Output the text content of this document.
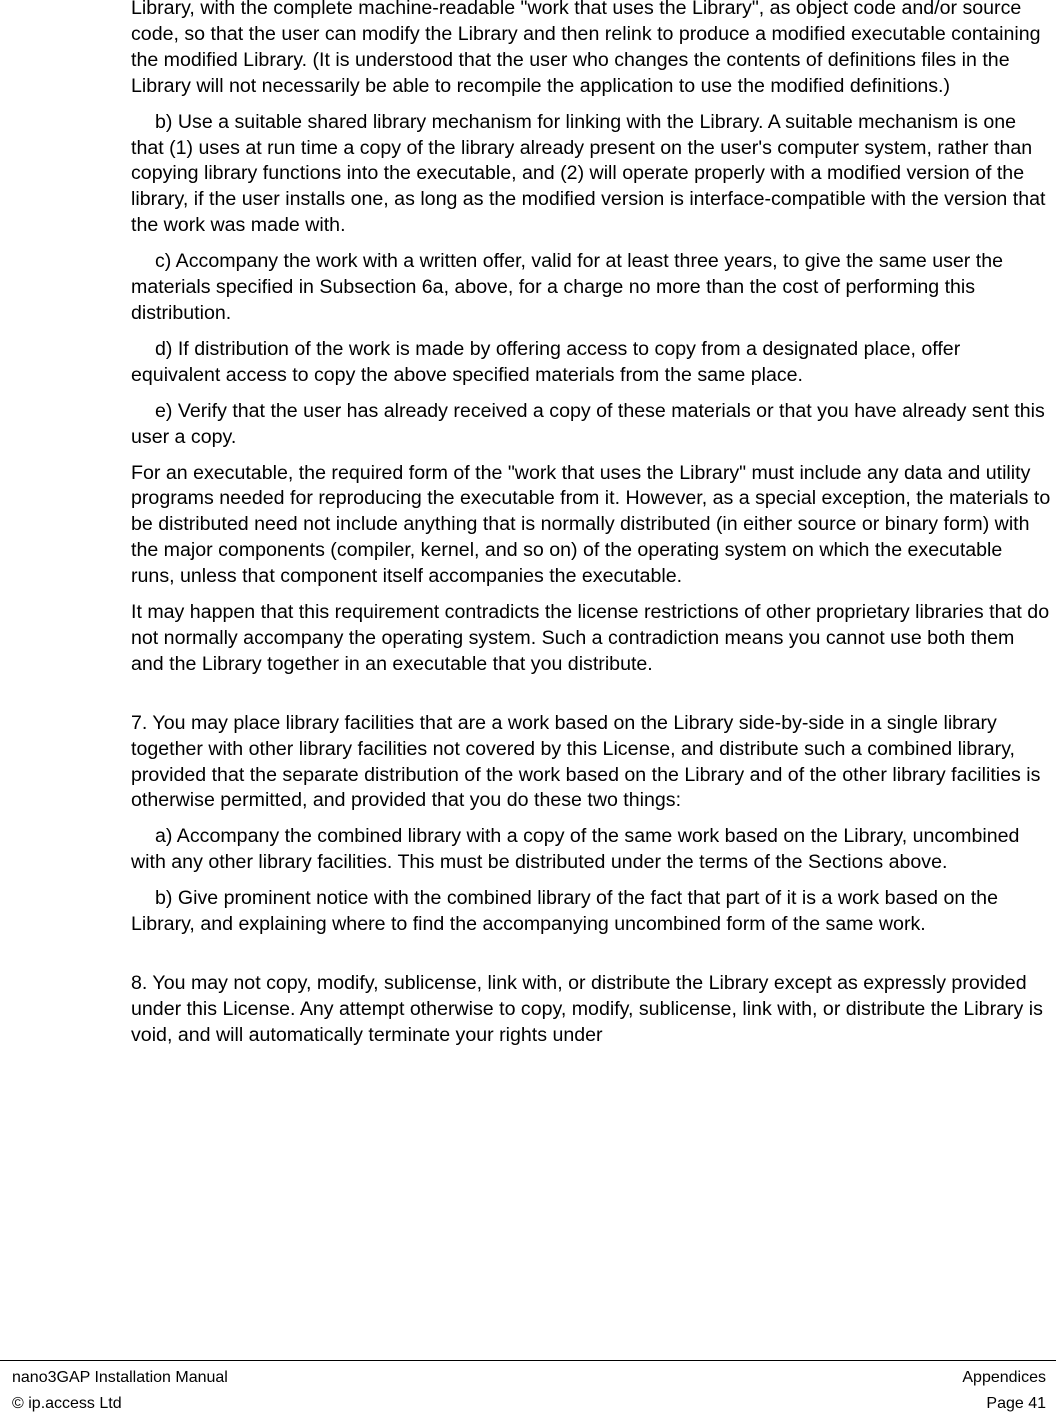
Library, with the complete machine-readable "work that uses the Library", as object code and/or source code, so that the user can modify the Library and then relink to produce a modified executable containing the modified Library. (It is understood that the user who changes the contents of definitions files in the Library will not necessarily be able to recompile the application to use the modified definitions.)

b) Use a suitable shared library mechanism for linking with the Library. A suitable mechanism is one that (1) uses at run time a copy of the library already present on the user's computer system, rather than copying library functions into the executable, and (2) will operate properly with a modified version of the library, if the user installs one, as long as the modified version is interface-compatible with the version that the work was made with.

c) Accompany the work with a written offer, valid for at least three years, to give the same user the materials specified in Subsection 6a, above, for a charge no more than the cost of performing this distribution.

d) If distribution of the work is made by offering access to copy from a designated place, offer equivalent access to copy the above specified materials from the same place.

e) Verify that the user has already received a copy of these materials or that you have already sent this user a copy.

For an executable, the required form of the "work that uses the Library" must include any data and utility programs needed for reproducing the executable from it. However, as a special exception, the materials to be distributed need not include anything that is normally distributed (in either source or binary form) with the major components (compiler, kernel, and so on) of the operating system on which the executable runs, unless that component itself accompanies the executable.

It may happen that this requirement contradicts the license restrictions of other proprietary libraries that do not normally accompany the operating system. Such a contradiction means you cannot use both them and the Library together in an executable that you distribute.

7. You may place library facilities that are a work based on the Library side-by-side in a single library together with other library facilities not covered by this License, and distribute such a combined library, provided that the separate distribution of the work based on the Library and of the other library facilities is otherwise permitted, and provided that you do these two things:

a) Accompany the combined library with a copy of the same work based on the Library, uncombined with any other library facilities. This must be distributed under the terms of the Sections above.

b) Give prominent notice with the combined library of the fact that part of it is a work based on the Library, and explaining where to find the accompanying uncombined form of the same work.

8. You may not copy, modify, sublicense, link with, or distribute the Library except as expressly provided under this License. Any attempt otherwise to copy, modify, sublicense, link with, or distribute the Library is void, and will automatically terminate your rights under

nano3GAP Installation Manual	Appendices
© ip.access Ltd	Page 41
